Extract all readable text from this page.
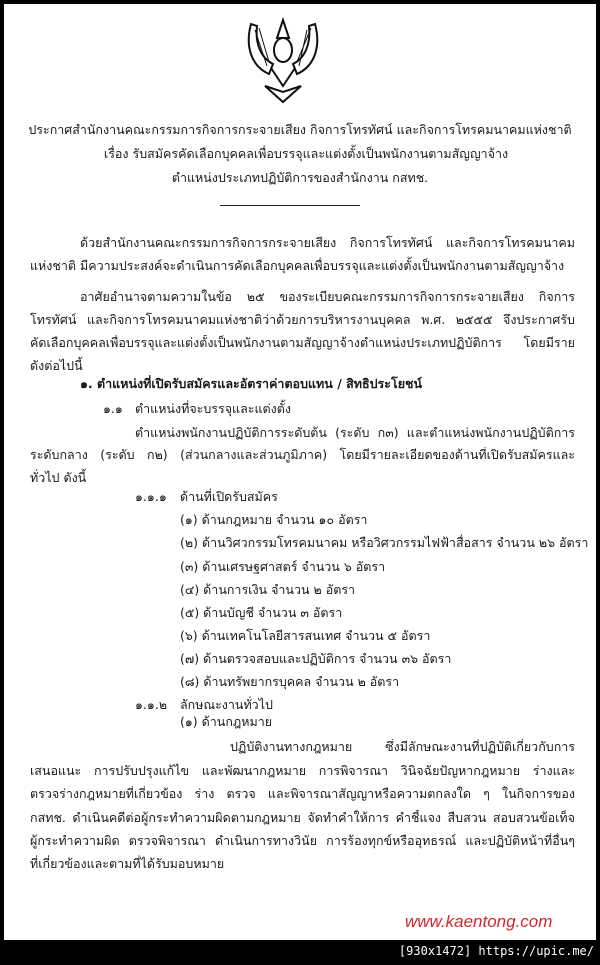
ประกาศสำนักงานคณะกรรมการกิจการกระจายเสียง กิจการโทรทัศน์ และกิจการโทรคมนาคมแห่งชาติ
เรื่อง รับสมัครคัดเลือกบุคคลเพื่อบรรจุและแต่งตั้งเป็นพนักงานตามสัญญาจ้าง
ตำแหน่งประเภทปฏิบัติการของสำนักงาน กสทช.
ด้วยสำนักงานคณะกรรมการกิจการกระจายเสียง กิจการโทรทัศน์ และกิจการโทรคมนาคม
แห่งชาติ มีความประสงค์จะดำเนินการคัดเลือกบุคคลเพื่อบรรจุและแต่งตั้งเป็นพนักงานตามสัญญาจ้าง
อาศัยอำนาจตามความในข้อ ๒๕ ของระเบียบคณะกรรมการกิจการกระจายเสียง กิจการ
โทรทัศน์ และกิจการโทรคมนาคมแห่งชาติว่าด้วยการบริหารงานบุคคล พ.ศ. ๒๕๕๕ จึงประกาศรับ
คัดเลือกบุคคลเพื่อบรรจุและแต่งตั้งเป็นพนักงานตามสัญญาจ้างตำแหน่งประเภทปฏิบัติการ โดยมีราย
ดังต่อไปนี้
๑. ตำแหน่งที่เปิดรับสมัครและอัตราค่าตอบแทน / สิทธิประโยชน์
๑.๑ ตำแหน่งที่จะบรรจุและแต่งตั้ง
ตำแหน่งพนักงานปฏิบัติการระดับต้น (ระดับ ก๓) และตำแหน่งพนักงานปฏิบัติการ
ระดับกลาง (ระดับ ก๒) (ส่วนกลางและส่วนภูมิภาค) โดยมีรายละเอียดของด้านที่เปิดรับสมัครและ
ทั่วไป ดังนี้
๑.๑.๑ ด้านที่เปิดรับสมัคร
(๑) ด้านกฎหมาย จำนวน ๑๐ อัตรา
(๒) ด้านวิศวกรรมโทรคมนาคม หรือวิศวกรรมไฟฟ้าสื่อสาร จำนวน ๒๖ อัตรา
(๓) ด้านเศรษฐศาสตร์ จำนวน ๖ อัตรา
(๔) ด้านการเงิน จำนวน ๒ อัตรา
(๕) ด้านบัญชี จำนวน ๓ อัตรา
(๖) ด้านเทคโนโลยีสารสนเทศ จำนวน ๕ อัตรา
(๗) ด้านตรวจสอบและปฏิบัติการ จำนวน ๓๖ อัตรา
(๘) ด้านทรัพยากรบุคคล จำนวน ๒ อัตรา
๑.๑.๒ ลักษณะงานทั่วไป
(๑) ด้านกฎหมาย
ปฏิบัติงานทางกฎหมาย ซึ่งมีลักษณะงานที่ปฏิบัติเกี่ยวกับการ
เสนอแนะ การปรับปรุงแก้ไข และพัฒนากฎหมาย การพิจารณา วินิจฉัยปัญหากฎหมาย ร่างและ
ตรวจร่างกฎหมายที่เกี่ยวข้อง ร่าง ตรวจ และพิจารณาสัญญาหรือความตกลงใด ๆ ในกิจการของ
กสทช. ดำเนินคดีต่อผู้กระทำความผิดตามกฎหมาย จัดทำคำให้การ คำชี้แจง สืบสวน สอบสวนข้อเท็จ
ผู้กระทำความผิด ตรวจพิจารณา ดำเนินการทางวินัย การร้องทุกข์หรืออุทธรณ์ และปฏิบัติหน้าที่อื่นๆ
ที่เกี่ยวข้องและตามที่ได้รับมอบหมาย
www.kaentong.com
[930x1472] https://upic.me/
